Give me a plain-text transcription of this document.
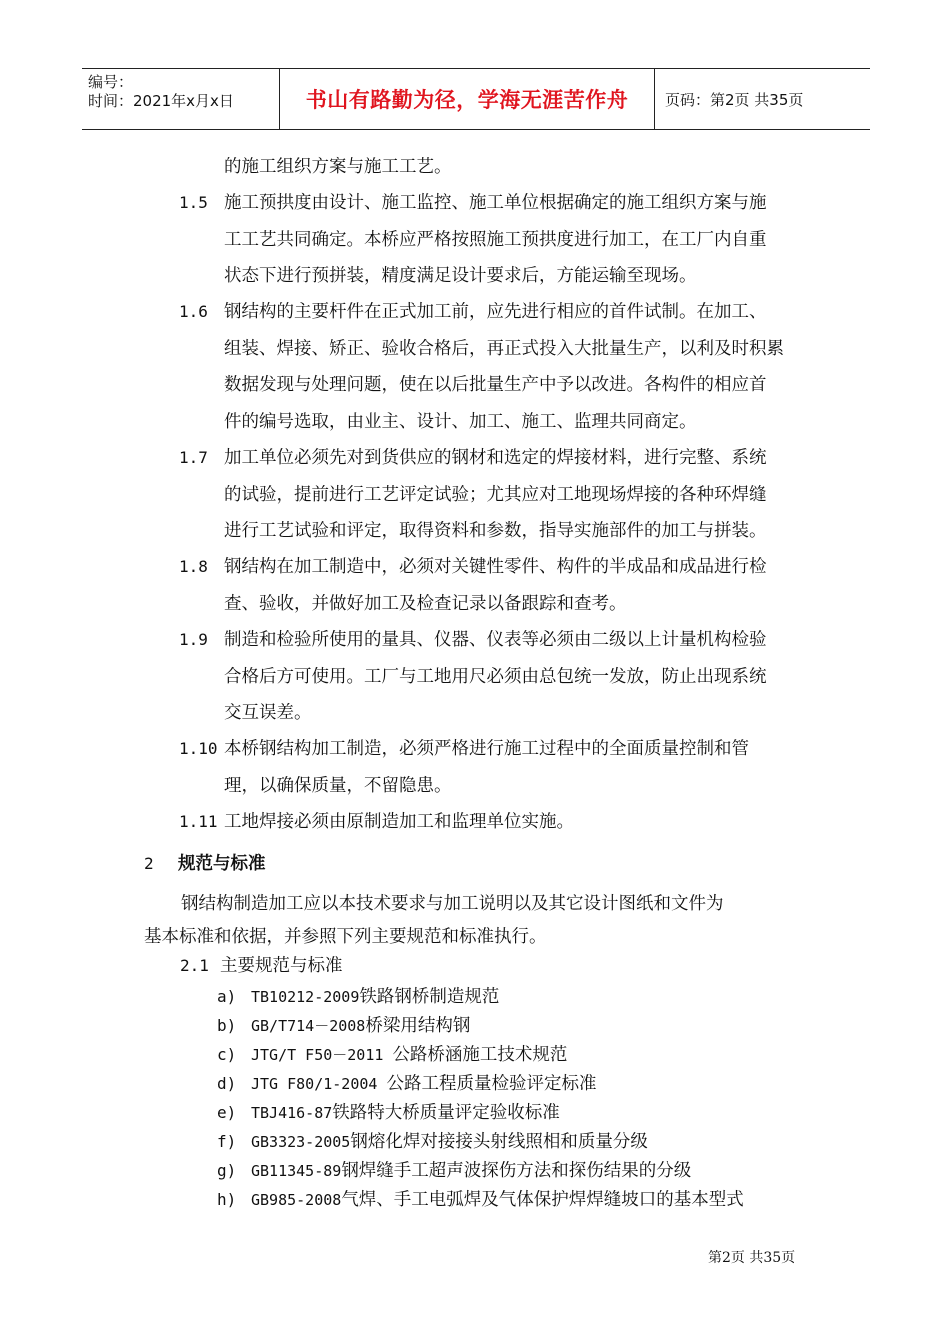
编号：
时间：2021年x月x日	书山有路勤为径，学海无涯苦作舟	页码：第2页 共35页
的施工组织方案与施工工艺。
1.5 施工预拱度由设计、施工监控、施工单位根据确定的施工组织方案与施
工工艺共同确定。本桥应严格按照施工预拱度进行加工，在工厂内自重
状态下进行预拼装，精度满足设计要求后，方能运输至现场。
1.6 钢结构的主要杆件在正式加工前，应先进行相应的首件试制。在加工、
组装、焊接、矫正、验收合格后，再正式投入大批量生产，以利及时积累
数据发现与处理问题，使在以后批量生产中予以改进。各构件的相应首
件的编号选取，由业主、设计、加工、施工、监理共同商定。
1.7 加工单位必须先对到货供应的钢材和选定的焊接材料，进行完整、系统
的试验，提前进行工艺评定试验；尤其应对工地现场焊接的各种环焊缝
进行工艺试验和评定，取得资料和参数，指导实施部件的加工与拼装。
1.8 钢结构在加工制造中，必须对关键性零件、构件的半成品和成品进行检
查、验收，并做好加工及检查记录以备跟踪和查考。
1.9 制造和检验所使用的量具、仪器、仪表等必须由二级以上计量机构检验
合格后方可使用。工厂与工地用尺必须由总包统一发放，防止出现系统
交互误差。
1.10 本桥钢结构加工制造，必须严格进行施工过程中的全面质量控制和管
理，以确保质量，不留隐患。
1.11 工地焊接必须由原制造加工和监理单位实施。
2 规范与标准
钢结构制造加工应以本技术要求与加工说明以及其它设计图纸和文件为
基本标准和依据，并参照下列主要规范和标准执行。
2.1 主要规范与标准
a) TB10212-2009铁路钢桥制造规范
b) GB/T714－2008桥梁用结构钢
c) JTG/T F50－2011 公路桥涵施工技术规范
d) JTG F80/1-2004 公路工程质量检验评定标准
e) TBJ416-87铁路特大桥质量评定验收标准
f) GB3323-2005钢熔化焊对接接头射线照相和质量分级
g) GB11345-89钢焊缝手工超声波探伤方法和探伤结果的分级
h) GB985-2008气焊、手工电弧焊及气体保护焊焊缝坡口的基本型式
第2页 共35页
